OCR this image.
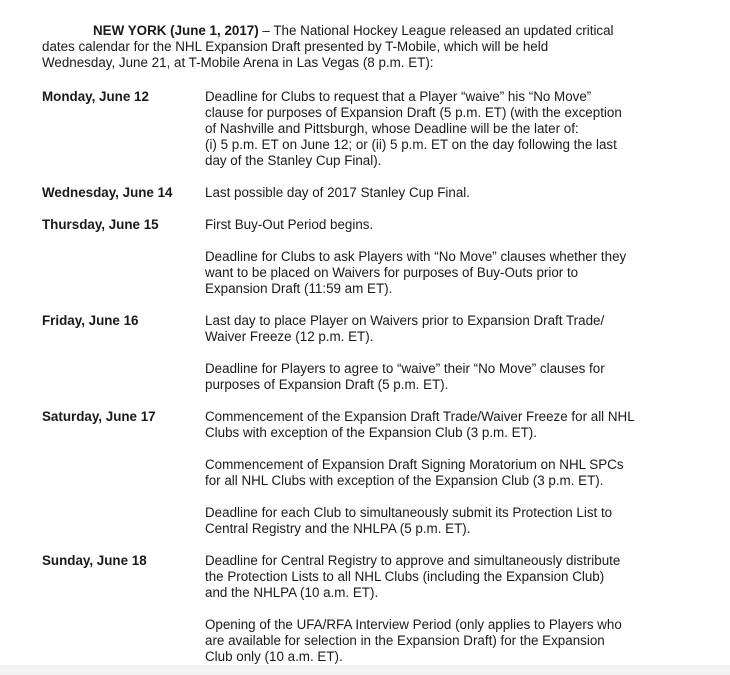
NEW YORK (June 1, 2017) – The National Hockey League released an updated critical

dates calendar for the NHL Expansion Draft presented by T-Mobile, which will be held

Wednesday, June 21, at T-Mobile Arena in Las Vegas (8 p.m. ET):

Monday, June 12	Deadline for Clubs to request that a Player “waive” his “No Move”
clause for purposes of Expansion Draft (5 p.m. ET) (with the exception
of Nashville and Pittsburgh, whose Deadline will be the later of:
(i) 5 p.m. ET on June 12; or (ii) 5 p.m. ET on the day following the last
day of the Stanley Cup Final).
Wednesday, June 14	Last possible day of 2017 Stanley Cup Final.
Thursday, June 15	First Buy-Out Period begins.
Deadline for Clubs to ask Players with “No Move” clauses whether they
want to be placed on Waivers for purposes of Buy-Outs prior to
Expansion Draft (11:59 am ET).
Friday, June 16	Last day to place Player on Waivers prior to Expansion Draft Trade/
Waiver Freeze (12 p.m. ET).
Deadline for Players to agree to “waive” their “No Move” clauses for
purposes of Expansion Draft (5 p.m. ET).
Saturday, June 17	Commencement of the Expansion Draft Trade/Waiver Freeze for all NHL
Clubs with exception of the Expansion Club (3 p.m. ET).
Commencement of Expansion Draft Signing Moratorium on NHL SPCs
for all NHL Clubs with exception of the Expansion Club (3 p.m. ET).
Deadline for each Club to simultaneously submit its Protection List to
Central Registry and the NHLPA (5 p.m. ET).
Sunday, June 18	Deadline for Central Registry to approve and simultaneously distribute
the Protection Lists to all NHL Clubs (including the Expansion Club)
and the NHLPA (10 a.m. ET).
Opening of the UFA/RFA Interview Period (only applies to Players who
are available for selection in the Expansion Draft) for the Expansion
Club only (10 a.m. ET).
